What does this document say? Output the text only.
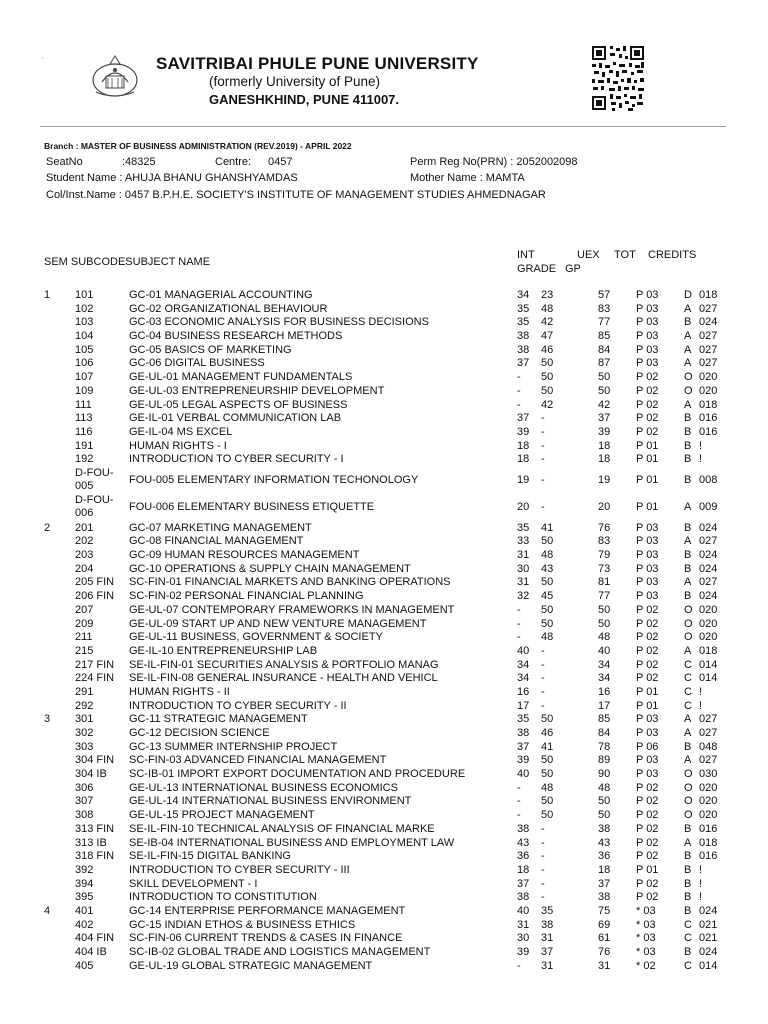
'	SAVITRIBAI PHULE PUNE UNIVERSITY
(formerly University of Pune)
GANESHKHIND, PUNE 411007.
Branch : MASTER OF BUSINESS ADMINISTRATION (REV.2019) - APRIL 2022
SeatNo	:48325	Centre: 0457	Perm Reg No(PRN) : 2052002098
Student Name : AHUJA BHANU GHANSHYAMDAS	Mother Name : MAMTA
Col/Inst.Name : 0457 B.P.H.E. SOCIETY'S INSTITUTE OF MANAGEMENT STUDIES AHMEDNAGAR
SEM SUBCODESUBJECT NAME
INT	UEX TOT CREDITS
GRADE GP
1 101	GC-01 MANAGERIAL ACCOUNTING	34 23	57 P 03 D 018
102	GC-02 ORGANIZATIONAL BEHAVIOUR	35 48	83 P 03 A 027
103	GC-03 ECONOMIC ANALYSIS FOR BUSINESS DECISIONS	35 42	77 P 03 B 024
104	GC-04 BUSINESS RESEARCH METHODS	38 47	85 P 03 A 027
105	GC-05 BASICS OF MARKETING	38 46	84 P 03 A 027
106	GC-06 DIGITAL BUSINESS	37 50	87 P 03 A 027
107	GE-UL-01 MANAGEMENT FUNDAMENTALS	- 50	50 P 02 O 020
109	GE-UL-03 ENTREPRENEURSHIP DEVELOPMENT	- 50	50 P 02 O 020
111	GE-UL-05 LEGAL ASPECTS OF BUSINESS	- 42	42 P 02 A 018
113	GE-IL-01 VERBAL COMMUNICATION LAB	37 -	37 P 02 B 016
116	GE-IL-04 MS EXCEL	39 -	39 P 02 B 016
191	HUMAN RIGHTS - I	18 -	18 P 01 B !
192	INTRODUCTION TO CYBER SECURITY - I	18 -	18 P 01 B !
D-FOU-
005
FOU-005 ELEMENTARY INFORMATION TECHONOLOGY	19 -	19 P 01 B 008
D-FOU-
006
FOU-006 ELEMENTARY BUSINESS ETIQUETTE	20 -	20 P 01 A 009
2 201	GC-07 MARKETING MANAGEMENT	35 41	76 P 03 B 024
202	GC-08 FINANCIAL MANAGEMENT	33 50	83 P 03 A 027
203	GC-09 HUMAN RESOURCES MANAGEMENT	31 48	79 P 03 B 024
204	GC-10 OPERATIONS & SUPPLY CHAIN MANAGEMENT	30 43	73 P 03 B 024
205 FIN SC-FIN-01 FINANCIAL MARKETS AND BANKING OPERATIONS	31 50	81 P 03 A 027
206 FIN SC-FIN-02 PERSONAL FINANCIAL PLANNING	32 45	77 P 03 B 024
207	GE-UL-07 CONTEMPORARY FRAMEWORKS IN MANAGEMENT	- 50	50 P 02 O 020
209	GE-UL-09 START UP AND NEW VENTURE MANAGEMENT	- 50	50 P 02 O 020
211	GE-UL-11 BUSINESS, GOVERNMENT & SOCIETY	- 48	48 P 02 O 020
215	GE-IL-10 ENTREPRENEURSHIP LAB	40 -	40 P 02 A 018
217 FIN SE-IL-FIN-01 SECURITIES ANALYSIS & PORTFOLIO MANAG	34 -	34 P 02 C 014
224 FIN SE-IL-FIN-08 GENERAL INSURANCE - HEALTH AND VEHICL	34 -	34 P 02 C 014
291	HUMAN RIGHTS - II	16 -	16 P 01 C !
292	INTRODUCTION TO CYBER SECURITY - II	17 -	17 P 01 C !
3 301	GC-11 STRATEGIC MANAGEMENT	35 50	85 P 03 A 027
302	GC-12 DECISION SCIENCE	38 46	84 P 03 A 027
303	GC-13 SUMMER INTERNSHIP PROJECT	37 41	78 P 06 B 048
304 FIN SC-FIN-03 ADVANCED FINANCIAL MANAGEMENT	39 50	89 P 03 A 027
304 IB SC-IB-01 IMPORT EXPORT DOCUMENTATION AND PROCEDURE	40 50	90 P 03 O 030
306	GE-UL-13 INTERNATIONAL BUSINESS ECONOMICS	- 48	48 P 02 O 020
307	GE-UL-14 INTERNATIONAL BUSINESS ENVIRONMENT	- 50	50 P 02 O 020
308	GE-UL-15 PROJECT MANAGEMENT	- 50	50 P 02 O 020
313 FIN SE-IL-FIN-10 TECHNICAL ANALYSIS OF FINANCIAL MARKE	38 -	38 P 02 B 016
313 IB SE-IB-04 INTERNATIONAL BUSINESS AND EMPLOYMENT LAW	43 -	43 P 02 A 018
318 FIN SE-IL-FIN-15 DIGITAL BANKING	36 -	36 P 02 B 016
392	INTRODUCTION TO CYBER SECURITY - III	18 -	18 P 01 B !
394	SKILL DEVELOPMENT - I	37 -	37 P 02 B !
395	INTRODUCTION TO CONSTITUTION	38 -	38 P 02 B !
4 401	GC-14 ENTERPRISE PERFORMANCE MANAGEMENT	40 35	75 * 03	B 024
402	GC-15 INDIAN ETHOS & BUSINESS ETHICS	31 38	69 * 03	C 021
404 FIN SC-FIN-06 CURRENT TRENDS & CASES IN FINANCE	30 31	61 * 03	C 021
404 IB SC-IB-02 GLOBAL TRADE AND LOGISTICS MANAGEMENT	39 37	76 * 03	B 024
405	GE-UL-19 GLOBAL STRATEGIC MANAGEMENT	- 31	31 * 02	C 014
